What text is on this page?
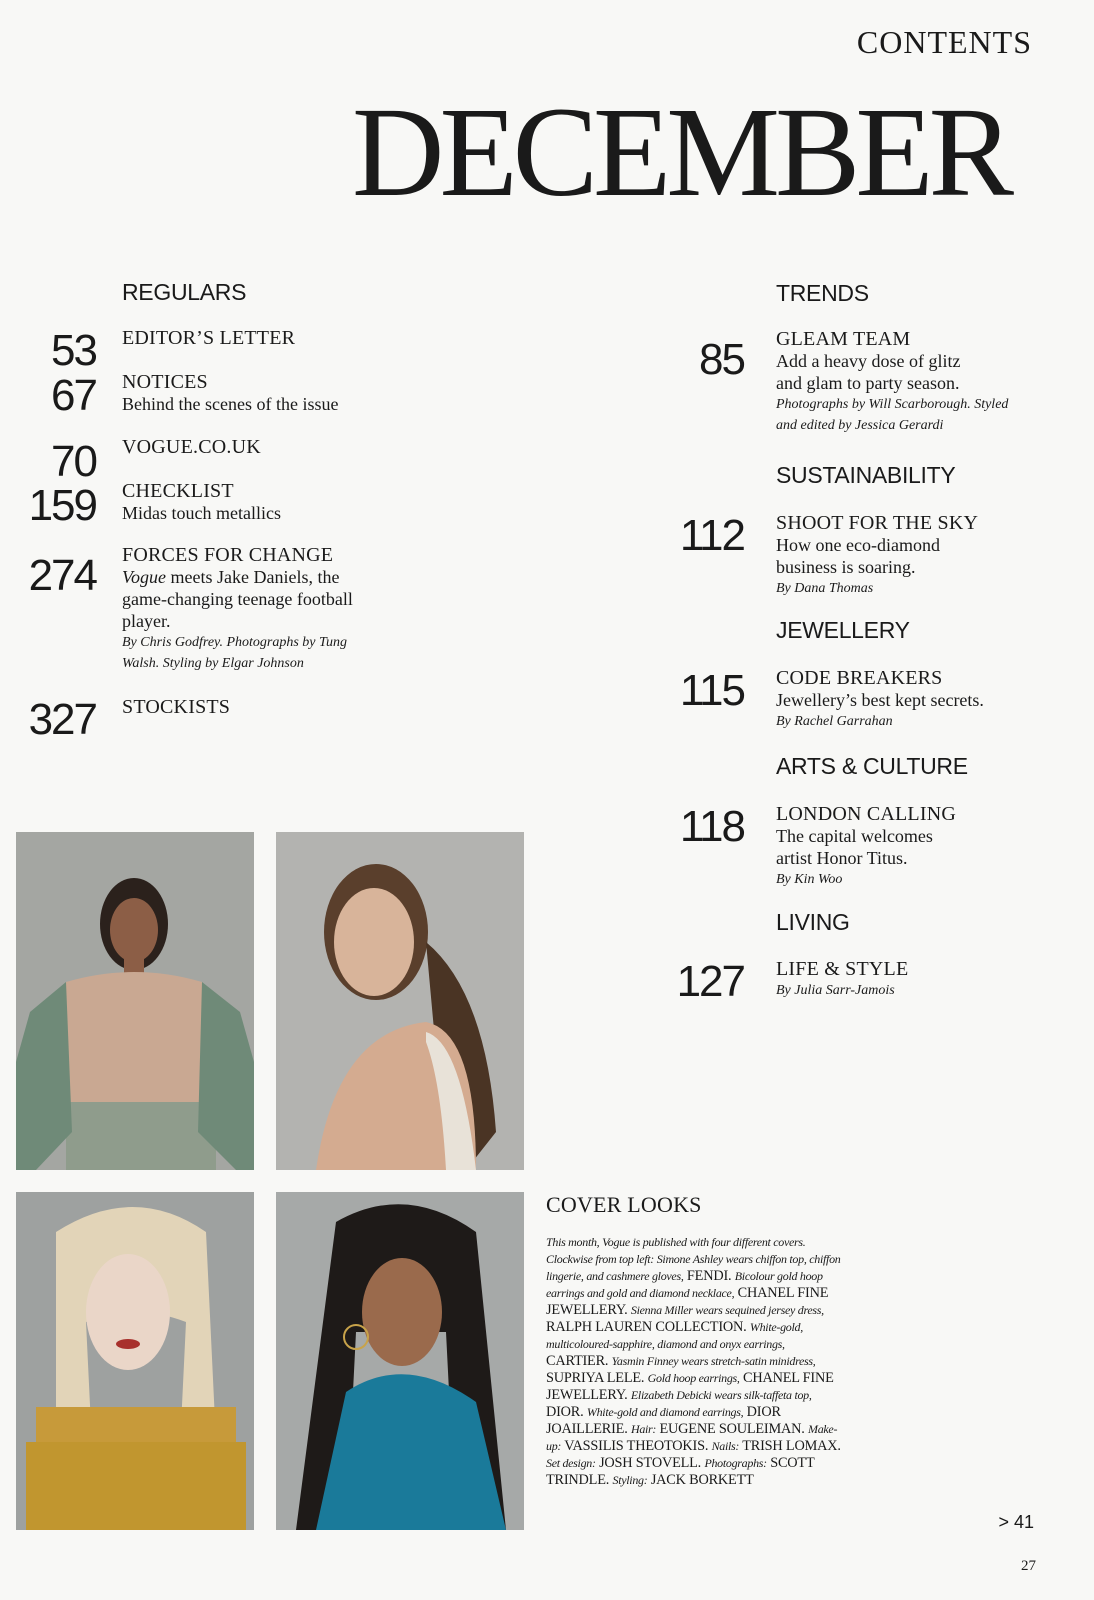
CONTENTS
DECEMBER
REGULARS
53 EDITOR’S LETTER
67 NOTICES
Behind the scenes of the issue
70 VOGUE.CO.UK
159 CHECKLIST
Midas touch metallics
274 FORCES FOR CHANGE
Vogue meets Jake Daniels, the game-changing teenage football player.
By Chris Godfrey. Photographs by Tung Walsh. Styling by Elgar Johnson
327 STOCKISTS
TRENDS
85 GLEAM TEAM
Add a heavy dose of glitz and glam to party season.
Photographs by Will Scarborough. Styled and edited by Jessica Gerardi
SUSTAINABILITY
112 SHOOT FOR THE SKY
How one eco-diamond business is soaring.
By Dana Thomas
JEWELLERY
115 CODE BREAKERS
Jewellery’s best kept secrets.
By Rachel Garrahan
ARTS & CULTURE
118 LONDON CALLING
The capital welcomes artist Honor Titus.
By Kin Woo
LIVING
127 LIFE & STYLE
By Julia Sarr-Jamois
COVER LOOKS

This month, Vogue is published with four different covers. Clockwise from top left: Simone Ashley wears chiffon top, chiffon lingerie, and cashmere gloves, FENDI. Bicolour gold hoop earrings and gold and diamond necklace, CHANEL FINE JEWELLERY. Sienna Miller wears sequined jersey dress, RALPH LAUREN COLLECTION. White-gold, multicoloured-sapphire, diamond and onyx earrings, CARTIER. Yasmin Finney wears stretch-satin minidress, SUPRIYA LELE. Gold hoop earrings, CHANEL FINE JEWELLERY. Elizabeth Debicki wears silk-taffeta top, DIOR. White-gold and diamond earrings, DIOR JOAILLERIE. Hair: EUGENE SOULEIMAN. Make-up: VASSILIS THEOTOKIS. Nails: TRISH LOMAX. Set design: JOSH STOVELL. Photographs: SCOTT TRINDLE. Styling: JACK BORKETT

> 41
27
